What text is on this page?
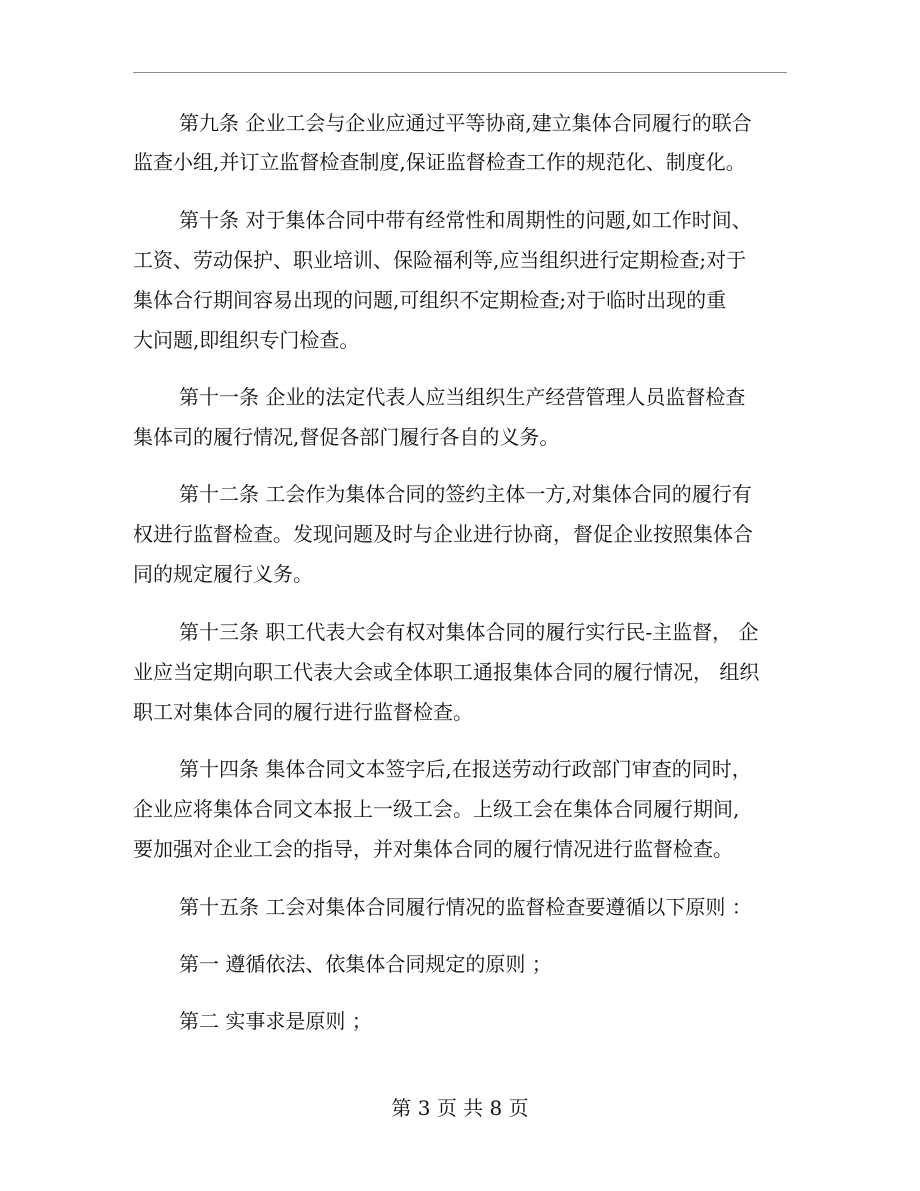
第九条 企业工会与企业应通过平等协商,建立集体合同履行的联合
监查小组,并订立监督检查制度,保证监督检查工作的规范化、制度化。
第十条 对于集体合同中带有经常性和周期性的问题,如工作时间、
工资、劳动保护、职业培训、保险福利等,应当组织进行定期检查;对于
集体合行期间容易出现的问题,可组织不定期检查;对于临时出现的重
大问题,即组织专门检查。
第十一条 企业的法定代表人应当组织生产经营管理人员监督检查
集体司的履行情况,督促各部门履行各自的义务。
第十二条 工会作为集体合同的签约主体一方,对集体合同的履行有
权进行监督检查。发现问题及时与企业进行协商，督促企业按照集体合
同的规定履行义务。
第十三条 职工代表大会有权对集体合同的履行实行民-主监督， 企
业应当定期向职工代表大会或全体职工通报集体合同的履行情况， 组织
职工对集体合同的履行进行监督检查。
第十四条 集体合同文本签字后,在报送劳动行政部门审查的同时，
企业应将集体合同文本报上一级工会。上级工会在集体合同履行期间,
要加强对企业工会的指导，并对集体合同的履行情况进行监督检查。
第十五条 工会对集体合同履行情况的监督检查要遵循以下原则 ：
第一 遵循依法、依集体合同规定的原则 ；
第二 实事求是原则 ；
第 3 页 共 8 页
